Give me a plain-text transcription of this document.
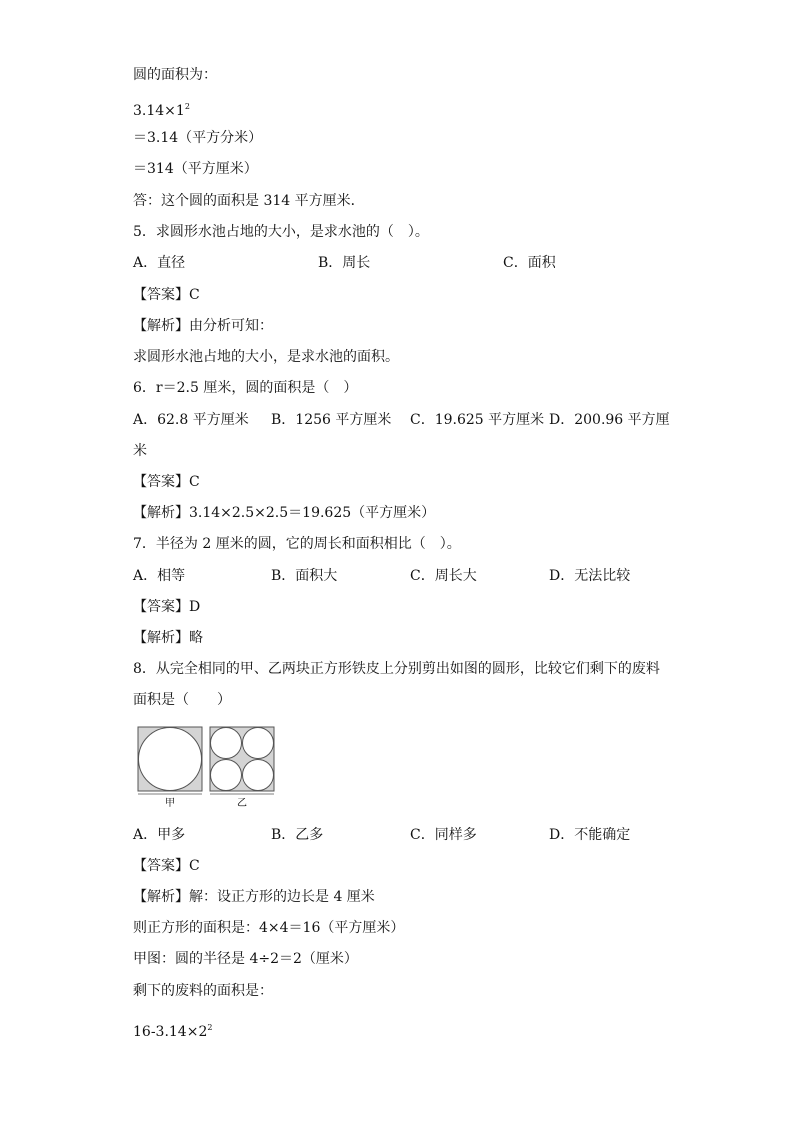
圆的面积为：
$3.14\times 1^2$
＝3.14（平方分米）
＝314（平方厘米）
答：这个圆的面积是 314 平方厘米．
5．求圆形水池占地的大小，是求水池的（　）。
A．直径	B．周长	C．面积
【答案】C
【解析】由分析可知：
求圆形水池占地的大小，是求水池的面积。
6．r＝2.5 厘米，圆的面积是（　）
A．62.8 平方厘米 B．1256 平方厘米 C．19.625 平方厘米 D．200.96 平方厘
米
【答案】C
【解析】3.14×2.5×2.5＝19.625（平方厘米）
7．半径为 2 厘米的圆，它的周长和面积相比（　）。
A．相等	B．面积大	C．周长大	D．无法比较
【答案】D
【解析】略
8．从完全相同的甲、乙两块正方形铁皮上分别剪出如图的圆形，比较它们剩下的废料
面积是（　　）
甲	乙
A．甲多	B．乙多	C．同样多	D．不能确定
【答案】C
【解析】解：设正方形的边长是 4 厘米
则正方形的面积是：4×4＝16（平方厘米）
甲图：圆的半径是 4÷2＝2（厘米）
剩下的废料的面积是：
$16-3.14\times 2^2$
